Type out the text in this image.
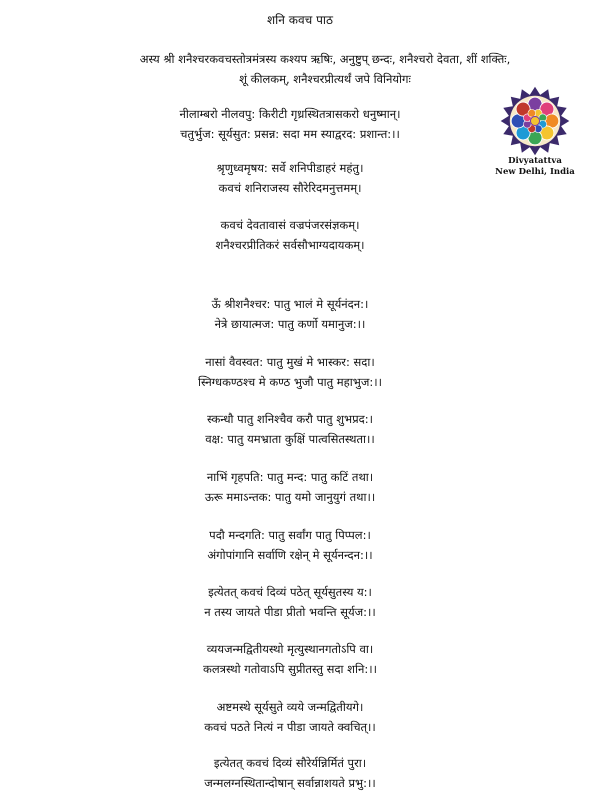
शनि कवच पाठ
अस्य श्री शनैश्चरकवचस्तोत्रमंत्रस्य कश्यप ऋषिः, अनुष्टुप् छन्दः, शनैश्चरो देवता, शीं शक्तिः,
शूं कीलकम्, शनैश्चरप्रीत्यर्थं जपे विनियोगः
नीलाम्बरो नीलवपु: किरीटी गृध्रस्थितत्रासकरो धनुष्मान्।
चतुर्भुज: सूर्यसुत: प्रसन्न: सदा मम स्याद्वरद: प्रशान्त:।।
श्रृणुध्वमृषय: सर्वे शनिपीडाहरं महंतु।
कवचं शनिराजस्य सौरेरिदमनुत्तमम्।
कवचं देवतावासं वज्रपंजरसंज्ञकम्।
शनैश्चरप्रीतिकरं सर्वसौभाग्यदायकम्।
ऊँ श्रीशनैश्चर: पातु भालं मे सूर्यनंदन:।
नेत्रे छायात्मज: पातु कर्णो यमानुज:।।
नासां वैवस्वत: पातु मुखं मे भास्कर: सदा।
स्निग्धकण्ठश्च मे कण्ठ भुजौ पातु महाभुज:।।
स्कन्धौ पातु शनिश्चैव करौ पातु शुभप्रद:।
वक्ष: पातु यमभ्राता कुक्षिं पात्वसितस्थता।।
नाभिं गृहपति: पातु मन्द: पातु कटिं तथा।
ऊरू ममाऽन्तक: पातु यमो जानुयुगं तथा।।
पदौ मन्दगति: पातु सर्वांग पातु पिप्पल:।
अंगोपांगानि सर्वाणि रक्षेन् मे सूर्यनन्दन:।।
इत्येतत् कवचं दिव्यं पठेत् सूर्यसुतस्य य:।
न तस्य जायते पीडा प्रीतो भवन्ति सूर्यज:।।
व्ययजन्मद्वितीयस्थो मृत्युस्थानगतोऽपि वा।
कलत्रस्थो गतोवाऽपि सुप्रीतस्तु सदा शनि:।।
अष्टमस्थे सूर्यसुते व्यये जन्मद्वितीयगे।
कवचं पठते नित्यं न पीडा जायते क्वचित्।।
इत्येतत् कवचं दिव्यं सौरेर्यन्निर्मितं पुरा।
जन्मलग्नस्थितान्दोषान् सर्वान्नाशयते प्रभु:।।
Divyatattva
New Delhi, India
